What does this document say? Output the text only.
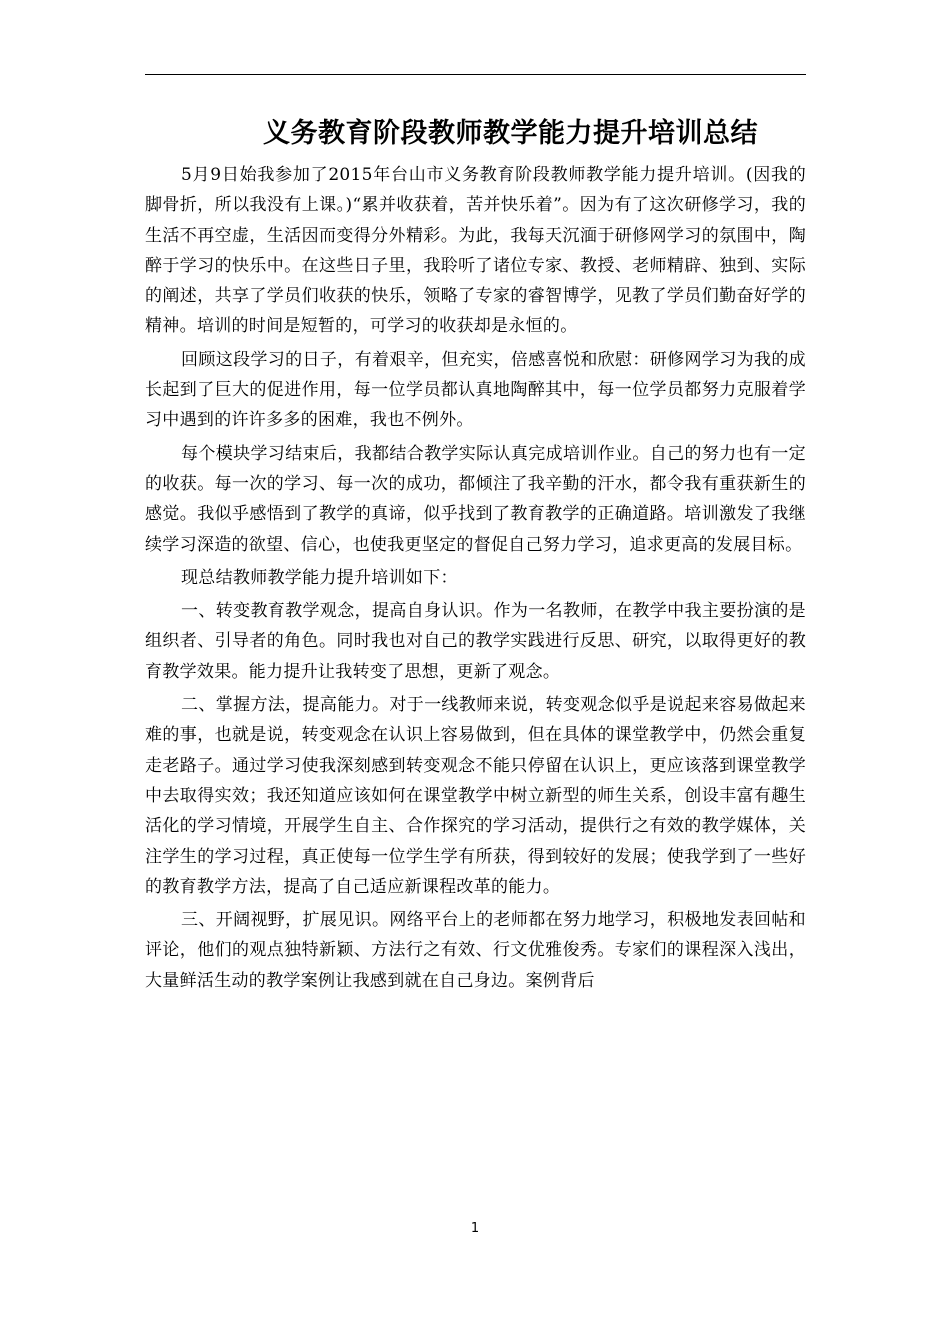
义务教育阶段教师教学能力提升培训总结

5月9日始我参加了2015年台山市义务教育阶段教师教学能力提升培训。(因我的脚骨折，所以我没有上课。)“累并收获着，苦并快乐着”。因为有了这次研修学习，我的生活不再空虚，生活因而变得分外精彩。为此，我每天沉湎于研修网学习的氛围中，陶醉于学习的快乐中。在这些日子里，我聆听了诸位专家、教授、老师精辟、独到、实际的阐述，共享了学员们收获的快乐，领略了专家的睿智博学，见教了学员们勤奋好学的精神。培训的时间是短暂的，可学习的收获却是永恒的。

回顾这段学习的日子，有着艰辛，但充实，倍感喜悦和欣慰：研修网学习为我的成长起到了巨大的促进作用，每一位学员都认真地陶醉其中，每一位学员都努力克服着学习中遇到的许许多多的困难，我也不例外。

每个模块学习结束后，我都结合教学实际认真完成培训作业。自己的努力也有一定的收获。每一次的学习、每一次的成功，都倾注了我辛勤的汗水，都令我有重获新生的感觉。我似乎感悟到了教学的真谛，似乎找到了教育教学的正确道路。培训激发了我继续学习深造的欲望、信心，也使我更坚定的督促自己努力学习，追求更高的发展目标。

现总结教师教学能力提升培训如下：

一、转变教育教学观念，提高自身认识。作为一名教师，在教学中我主要扮演的是组织者、引导者的角色。同时我也对自己的教学实践进行反思、研究，以取得更好的教育教学效果。能力提升让我转变了思想，更新了观念。

二、掌握方法，提高能力。对于一线教师来说，转变观念似乎是说起来容易做起来难的事，也就是说，转变观念在认识上容易做到，但在具体的课堂教学中，仍然会重复走老路子。通过学习使我深刻感到转变观念不能只停留在认识上，更应该落到课堂教学中去取得实效；我还知道应该如何在课堂教学中树立新型的师生关系，创设丰富有趣生活化的学习情境，开展学生自主、合作探究的学习活动，提供行之有效的教学媒体，关注学生的学习过程，真正使每一位学生学有所获，得到较好的发展；使我学到了一些好的教育教学方法，提高了自己适应新课程改革的能力。

三、开阔视野，扩展见识。网络平台上的老师都在努力地学习，积极地发表回帖和评论，他们的观点独特新颖、方法行之有效、行文优雅俊秀。专家们的课程深入浅出，大量鲜活生动的教学案例让我感到就在自己身边。案例背后

1
